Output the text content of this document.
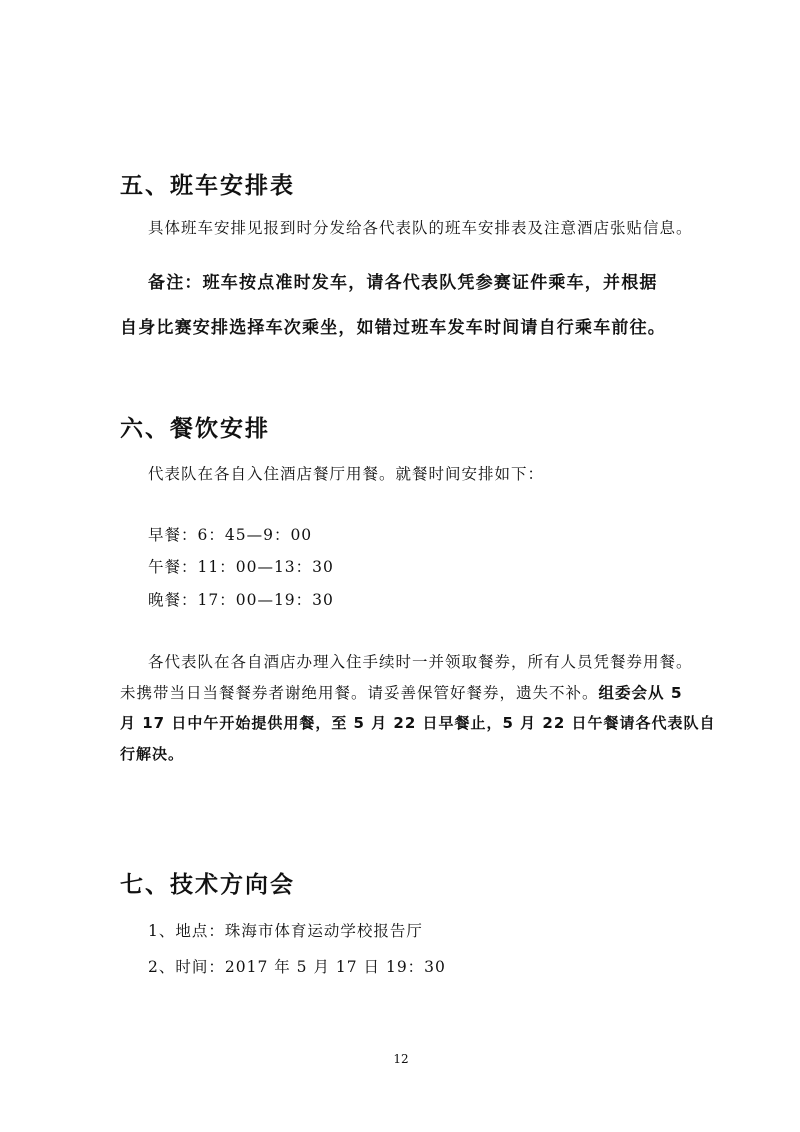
五、班车安排表
具体班车安排见报到时分发给各代表队的班车安排表及注意酒店张贴信息。
备注：班车按点准时发车，请各代表队凭参赛证件乘车，并根据
自身比赛安排选择车次乘坐，如错过班车发车时间请自行乘车前往。
六、餐饮安排
代表队在各自入住酒店餐厅用餐。就餐时间安排如下：
早餐：6：45—9：00
午餐：11：00—13：30
晚餐：17：00—19：30
各代表队在各自酒店办理入住手续时一并领取餐券，所有人员凭餐券用餐。
未携带当日当餐餐券者谢绝用餐。请妥善保管好餐券，遗失不补。组委会从 5
月 17 日中午开始提供用餐，至 5 月 22 日早餐止，5 月 22 日午餐请各代表队自
行解决。
七、技术方向会
1、地点：珠海市体育运动学校报告厅
2、时间：2017 年 5 月 17 日 19：30
12
